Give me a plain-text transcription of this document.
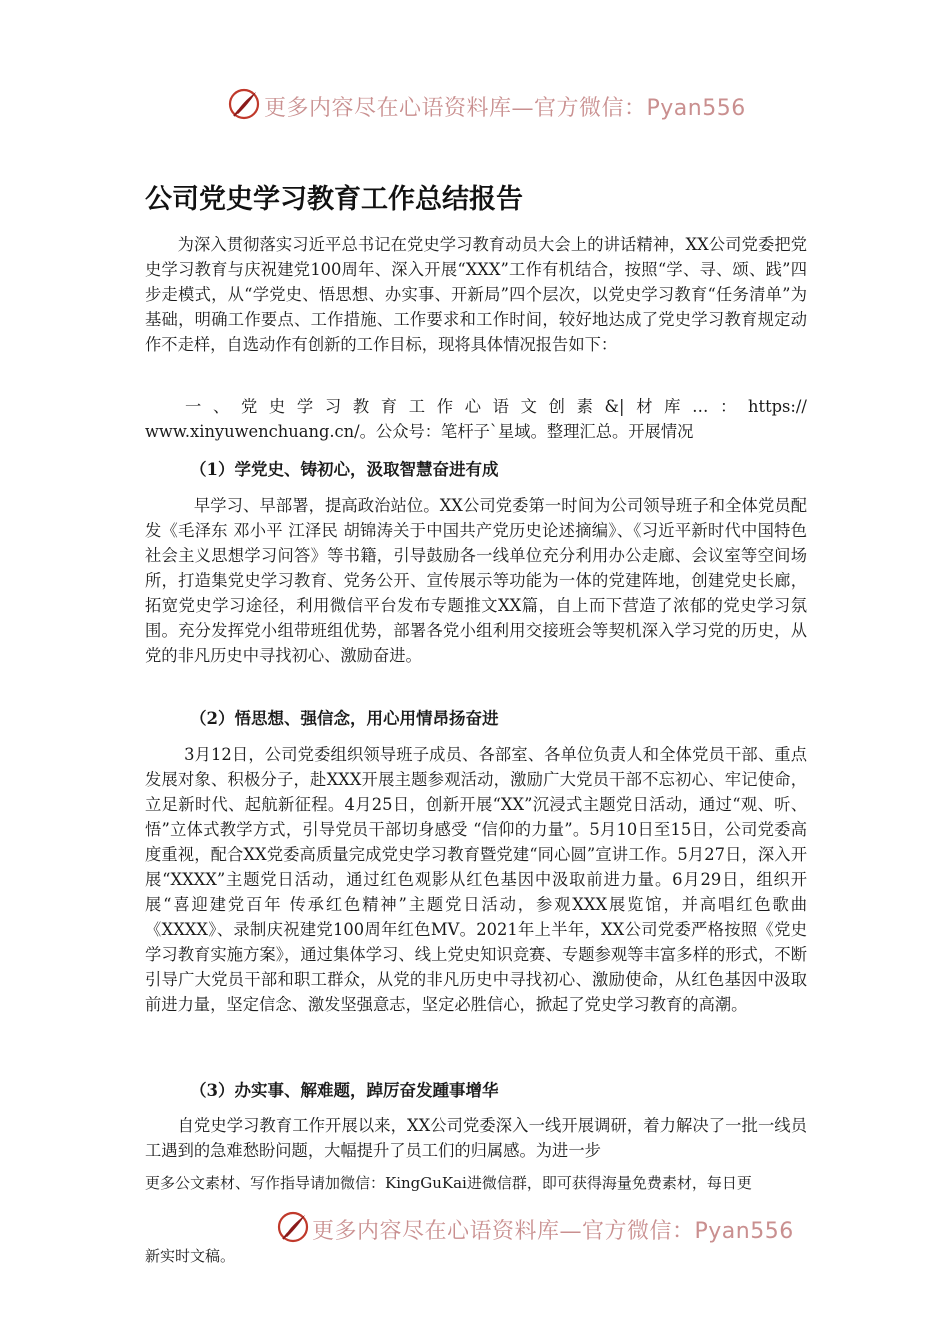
更多内容尽在心语资料库—官方微信：Pyan556
公司党史学习教育工作总结报告

为深入贯彻落实习近平总书记在党史学习教育动员大会上的讲话精神，XX公司党委把党史学习教育与庆祝建党100周年、深入开展“XXX”工作有机结合，按照“学、寻、颂、践”四步走模式，从“学党史、悟思想、办实事、开新局”四个层次，以党史学习教育“任务清单”为基础，明确工作要点、工作措施、工作要求和工作时间，较好地达成了党史学习教育规定动作不走样，自选动作有创新的工作目标，现将具体情况报告如下：

一 、 党 史 学 习 教 育 工 作 心 语 文 创 素 &| 材 库 … ： https://
www.xinyuwenchuang.cn/。公众号：笔杆子`星域。整理汇总。开展情况
（1）学党史、铸初心，汲取智慧奋进有成

早学习、早部署，提高政治站位。XX公司党委第一时间为公司领导班子和全体党员配发《毛泽东 邓小平 江泽民 胡锦涛关于中国共产党历史论述摘编》、《习近平新时代中国特色社会主义思想学习问答》等书籍，引导鼓励各一线单位充分利用办公走廊、会议室等空间场所，打造集党史学习教育、党务公开、宣传展示等功能为一体的党建阵地，创建党史长廊，拓宽党史学习途径，利用微信平台发布专题推文XX篇，自上而下营造了浓郁的党史学习氛围。充分发挥党小组带班组优势，部署各党小组利用交接班会等契机深入学习党的历史，从党的非凡历史中寻找初心、激励奋进。

（2）悟思想、强信念，用心用情昂扬奋进

3月12日，公司党委组织领导班子成员、各部室、各单位负责人和全体党员干部、重点发展对象、积极分子，赴XXX开展主题参观活动，激励广大党员干部不忘初心、牢记使命，立足新时代、起航新征程。4月25日，创新开展“XX”沉浸式主题党日活动，通过“观、听、悟”立体式教学方式，引导党员干部切身感受 “信仰的力量”。5月10日至15日，公司党委高度重视，配合XX党委高质量完成党史学习教育暨党建“同心圆”宣讲工作。5月27日，深入开展“XXXX”主题党日活动，通过红色观影从红色基因中汲取前进力量。6月29日，组织开展“喜迎建党百年 传承红色精神”主题党日活动，参观XXX展览馆，并高唱红色歌曲《XXXX》、录制庆祝建党100周年红色MV。2021年上半年，XX公司党委严格按照《党史学习教育实施方案》，通过集体学习、线上党史知识竞赛、专题参观等丰富多样的形式，不断引导广大党员干部和职工群众，从党的非凡历史中寻找初心、激励使命，从红色基因中汲取前进力量，坚定信念、激发坚强意志，坚定必胜信心，掀起了党史学习教育的高潮。

（3）办实事、解难题，踔厉奋发踵事增华

自党史学习教育工作开展以来，XX公司党委深入一线开展调研，着力解决了一批一线员工遇到的急难愁盼问题，大幅提升了员工们的归属感。为进一步

更多公文素材、写作指导请加微信：KingGuKai进微信群，即可获得海量免费素材，每日更
更多内容尽在心语资料库—官方微信：Pyan556
新实时文稿。
